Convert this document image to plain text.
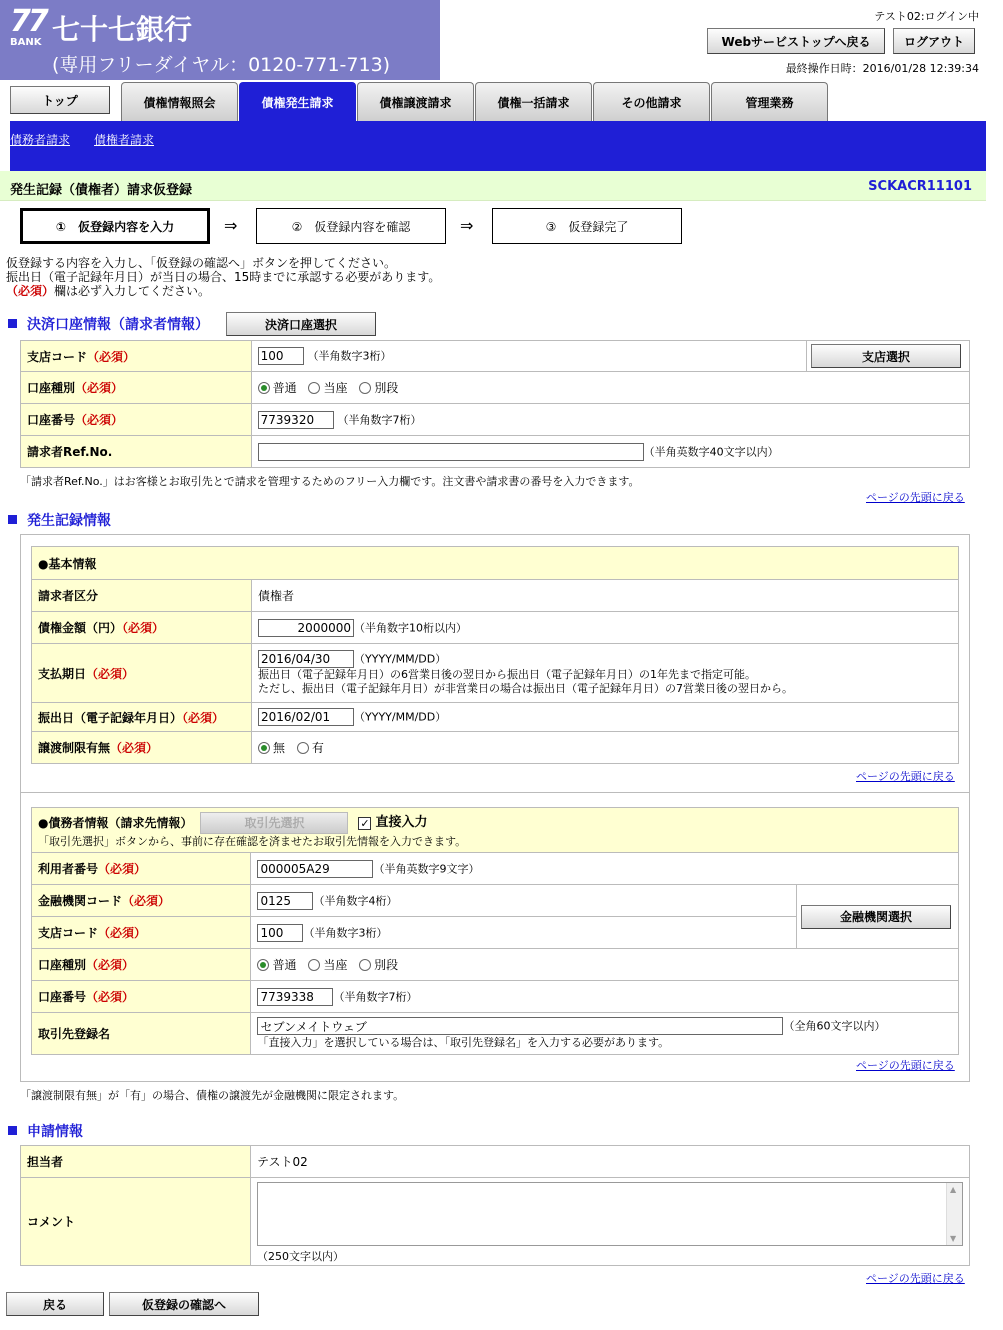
77
BANK 七十七銀行
(専用フリーダイヤル：0120-771-713)
テスト02:ログイン中
Webサービストップへ戻る	ログアウト
最終操作日時：2016/01/28 12:39:34
トップ	債権情報照会	債権発生請求	債権譲渡請求	債権一括請求	その他請求	管理業務
債務者請求 債権者請求
発生記録（債権者）請求仮登録	SCKACR11101
①　仮登録内容を入力	⇒	②　仮登録内容を確認	⇒	③　仮登録完了
仮登録する内容を入力し、「仮登録の確認へ」ボタンを押してください。
振出日（電子記録年月日）が当日の場合、15時までに承認する必要があります。
（必須）欄は必ず入力してください。
決済口座情報（請求者情報）	決済口座選択
支店コード（必須）	100（半角数字3桁）	支店選択

口座種別（必須）	普通 当座 別段	
口座番号（必須）	7739320（半角数字7桁）
請求者Ref.No.	（半角英数字40文字以内）	
「請求者Ref.No.」はお客様とお取引先とで請求を管理するためのフリー入力欄です。注文書や請求書の番号を入力できます。
ページの先頭に戻る
発生記録情報
●基本情報	
請求者区分	債権者
債権金額（円）（必須）	2000000（半角数字10桁以内）
支払期日（必須）	2016/04/30（YYYY/MM/DD）
振出日（電子記録年月日）の6営業日後の翌日から振出日（電子記録年月日）の1年先まで指定可能。
ただし、振出日（電子記録年月日）が非営業日の場合は振出日（電子記録年月日）の7営業日後の翌日から。

振出日（電子記録年月日）（必須）	2016/02/01（YYYY/MM/DD）
譲渡制限有無（必須）	無 有
ページの先頭に戻る
●債務者情報（請求先情報） 取引先選択 ✓ 直接入力
「取引先選択」ボタンから、事前に存在確認を済ませたお取引先情報を入力できます。		

利用者番号（必須）	000005A29（半角英数字9文字）
金融機関コード（必須）	0125（半角数字4桁）	金融機関選択

支店コード（必須）	100（半角数字3桁）
口座種別（必須）	普通 当座 別段	
口座番号（必須）	7739338（半角数字7桁）
取引先登録名	セブンメイトウェブ（全角60文字以内）
「直接入力」を選択している場合は、「取引先登録名」を入力する必要があります。
ページの先頭に戻る
「譲渡制限有無」が「有」の場合、債権の譲渡先が金融機関に限定されます。
申請情報
担当者	テスト02
コメント	▲
▼
（250文字以内）
ページの先頭に戻る
戻る	仮登録の確認へ
